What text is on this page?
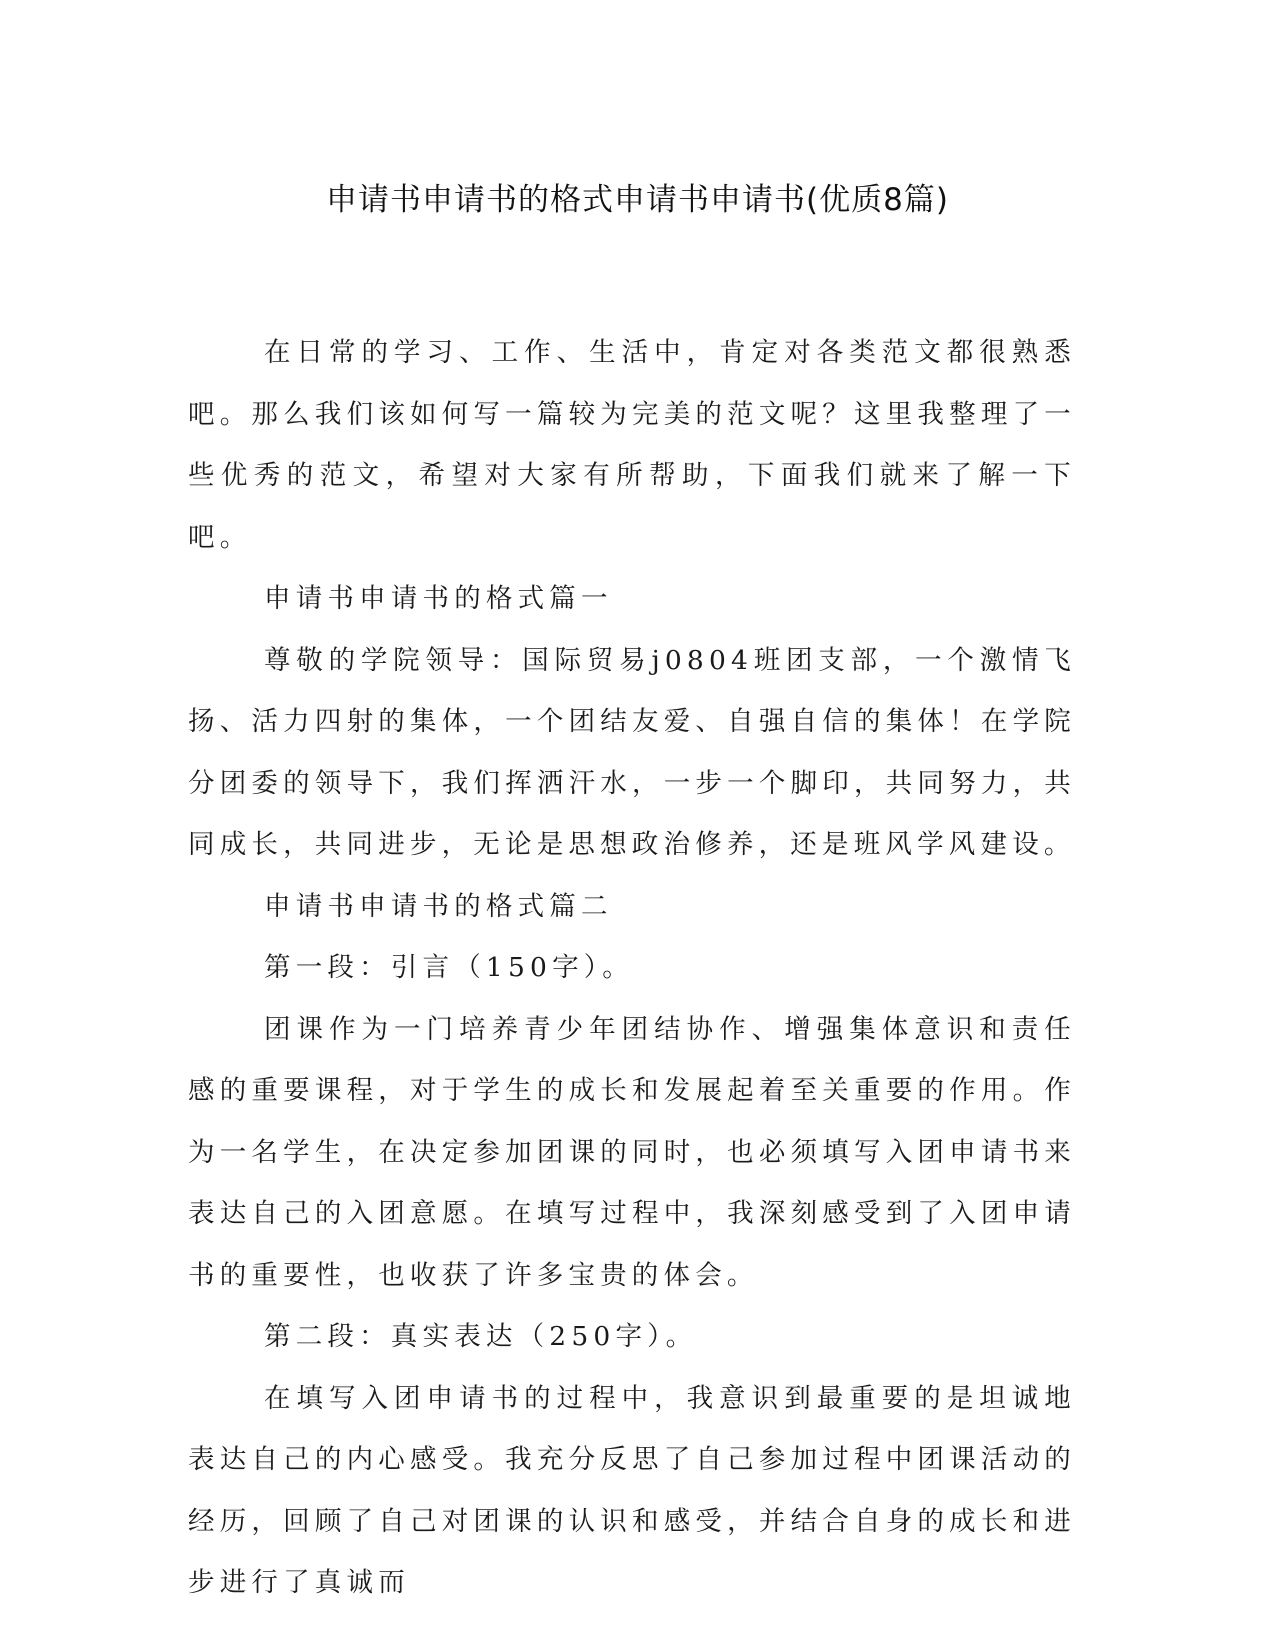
申请书申请书的格式申请书申请书(优质8篇)

在日常的学习、工作、生活中，肯定对各类范文都很熟悉吧。那么我们该如何写一篇较为完美的范文呢？这里我整理了一些优秀的范文，希望对大家有所帮助，下面我们就来了解一下吧。

申请书申请书的格式篇一

尊敬的学院领导：国际贸易j0804班团支部，一个激情飞扬、活力四射的集体，一个团结友爱、自强自信的集体！在学院分团委的领导下，我们挥洒汗水，一步一个脚印，共同努力，共同成长，共同进步，无论是思想政治修养，还是班风学风建设。

申请书申请书的格式篇二

第一段：引言（150字）。

团课作为一门培养青少年团结协作、增强集体意识和责任感的重要课程，对于学生的成长和发展起着至关重要的作用。作为一名学生，在决定参加团课的同时，也必须填写入团申请书来表达自己的入团意愿。在填写过程中，我深刻感受到了入团申请书的重要性，也收获了许多宝贵的体会。

第二段：真实表达（250字）。

在填写入团申请书的过程中，我意识到最重要的是坦诚地表达自己的内心感受。我充分反思了自己参加过程中团课活动的经历，回顾了自己对团课的认识和感受，并结合自身的成长和进步进行了真诚而
